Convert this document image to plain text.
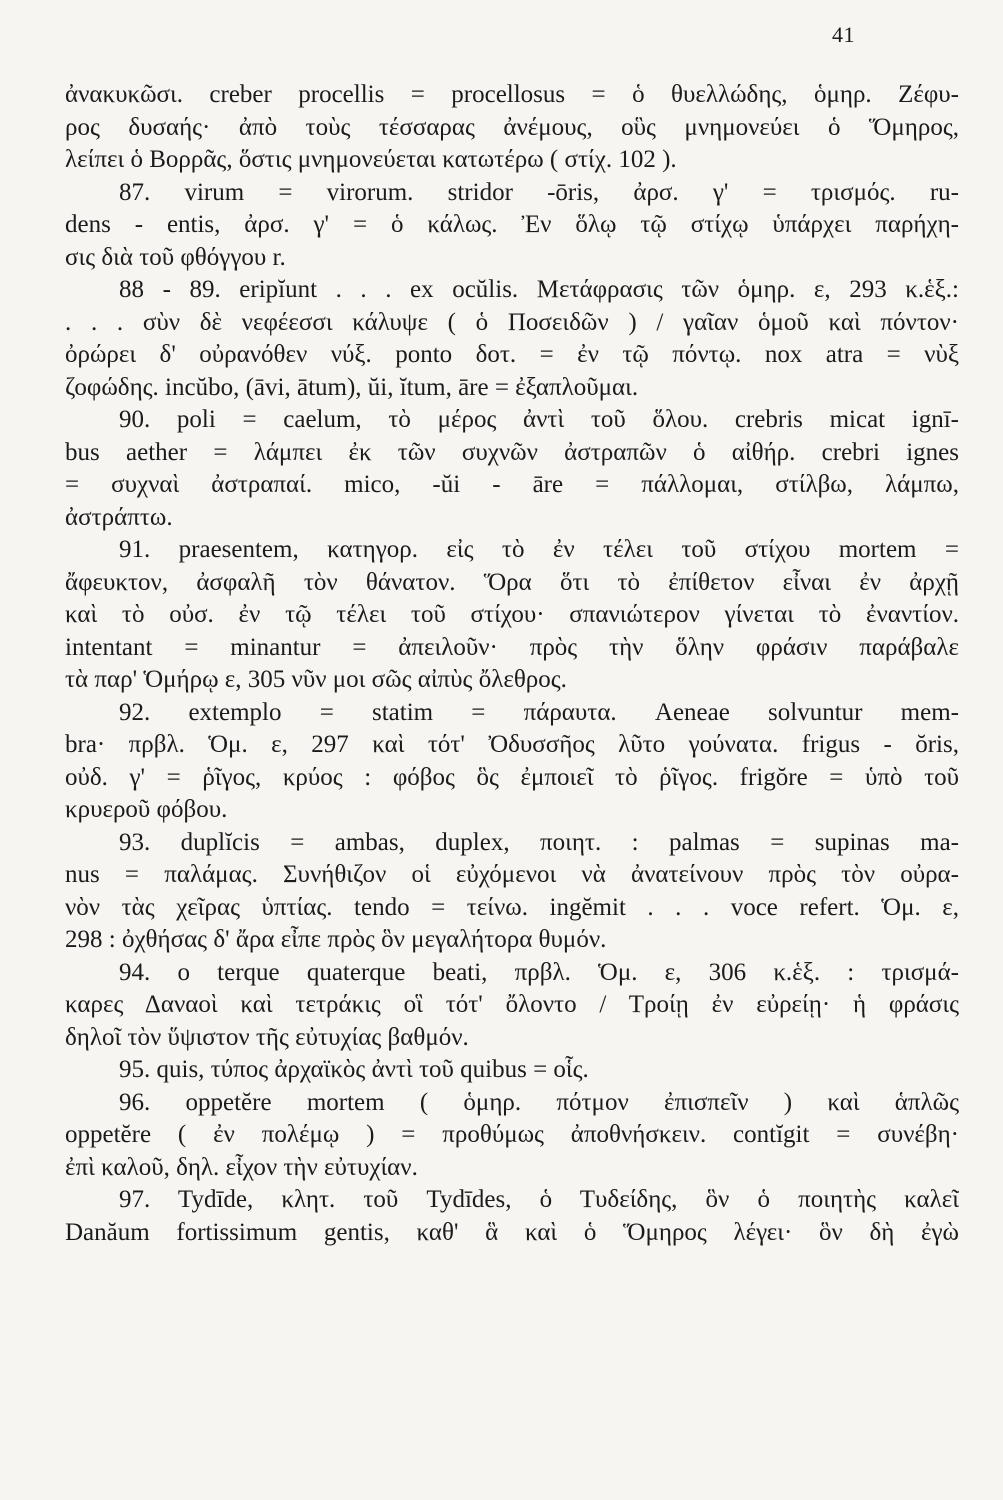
41
ἀνακυκῶσι. creber procellis = procellosus = ὁ θυελλώδης, ὁμηρ. Ζέφυ-
ρος δυσαής· ἀπὸ τοὺς τέσσαρας ἀνέμους, οὓς μνημονεύει ὁ Ὅμηρος,
λείπει ὁ Βορρᾶς, ὅστις μνημονεύεται κατωτέρω ( στίχ. 102 ).
87. virum = virorum. stridor -ōris, ἀρσ. γ' = τρισμός. ru-
dens - entis, ἀρσ. γ' = ὁ κάλως. Ἐν ὅλῳ τῷ στίχῳ ὑπάρχει παρήχη-
σις διὰ τοῦ φθόγγου r.
88 - 89. eripĭunt . . . ex ocŭlis. Μετάφρασις τῶν ὁμηρ. ε, 293 κ.ἑξ.:
. . . σὺν δὲ νεφέεσσι κάλυψε ( ὁ Ποσειδῶν ) / γαῖαν ὁμοῦ καὶ πόντον·
ὀρώρει δ' οὐρανόθεν νύξ. ponto δοτ. = ἐν τῷ πόντῳ. nox atra = νὺξ
ζοφώδης. incŭbo, (āvi, ātum), ŭi, ĭtum, āre = ἐξαπλοῦμαι.
90. poli = caelum, τὸ μέρος ἀντὶ τοῦ ὅλου. crebris micat ignī-
bus aether = λάμπει ἐκ τῶν συχνῶν ἀστραπῶν ὁ αἰθήρ. crebri ignes
= συχναὶ ἀστραπαί. mico, -ŭi - āre = πάλλομαι, στίλβω, λάμπω,
ἀστράπτω.
91. praesentem, κατηγορ. εἰς τὸ ἐν τέλει τοῦ στίχου mortem =
ἄφευκτον, ἀσφαλῆ τὸν θάνατον. Ὅρα ὅτι τὸ ἐπίθετον εἶναι ἐν ἀρχῇ
καὶ τὸ οὐσ. ἐν τῷ τέλει τοῦ στίχου· σπανιώτερον γίνεται τὸ ἐναντίον.
intentant = minantur = ἀπειλοῦν· πρὸς τὴν ὅλην φράσιν παράβαλε
τὰ παρ' Ὁμήρῳ ε, 305 νῦν μοι σῶς αἰπὺς ὄλεθρος.
92. extemplo = statim = πάραυτα. Aeneae solvuntur mem-
bra· πρβλ. Ὁμ. ε, 297 καὶ τότ' Ὀδυσσῆος λῦτο γούνατα. frigus - ŏris,
οὐδ. γ' = ῥῖγος, κρύος : φόβος ὃς ἐμποιεῖ τὸ ῥῖγος. frigŏre = ὑπὸ τοῦ
κρυεροῦ φόβου.
93. duplĭcis = ambas, duplex, ποιητ. : palmas = supinas ma-
nus = παλάμας. Συνήθιζον οἱ εὐχόμενοι νὰ ἀνατείνουν πρὸς τὸν οὐρα-
νὸν τὰς χεῖρας ὑπτίας. tendo = τείνω. ingĕmit . . . voce refert. Ὁμ. ε,
298 : ὀχθήσας δ' ἄρα εἶπε πρὸς ὃν μεγαλήτορα θυμόν.
94. o terque quaterque beati, πρβλ. Ὁμ. ε, 306 κ.ἑξ. : τρισμά-
καρες Δαναοὶ καὶ τετράκις οἳ τότ' ὄλοντο / Τροίῃ ἐν εὐρείῃ· ἡ φράσις
δηλοῖ τὸν ὕψιστον τῆς εὐτυχίας βαθμόν.
95. quis, τύπος ἀρχαϊκὸς ἀντὶ τοῦ quibus = οἷς.
96. oppetĕre mortem ( ὁμηρ. πότμον ἐπισπεῖν ) καὶ ἁπλῶς
oppetĕre ( ἐν πολέμῳ ) = προθύμως ἀποθνήσκειν. contĭgit = συνέβη·
ἐπὶ καλοῦ, δηλ. εἶχον τὴν εὐτυχίαν.
97. Tydīde, κλητ. τοῦ Tydīdes, ὁ Τυδείδης, ὃν ὁ ποιητὴς καλεῖ
Danăum fortissimum gentis, καθ' ἃ καὶ ὁ Ὅμηρος λέγει· ὃν δὴ ἐγὼ
